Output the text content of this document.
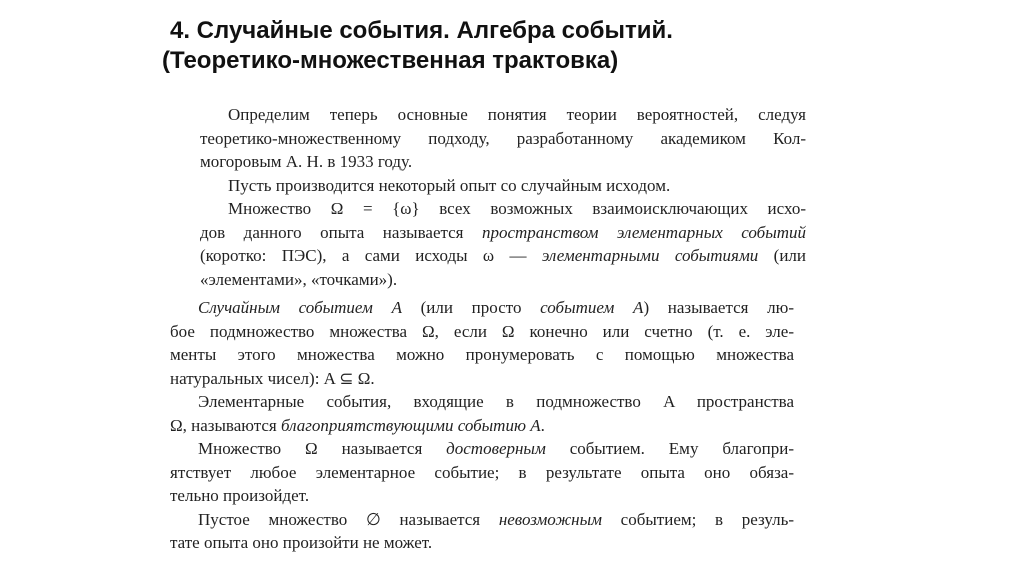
4. Случайные события. Алгебра событий.
(Теоретико-множественная трактовка)

Определим теперь основные понятия теории вероятностей, следуя
теоретико-множественному подходу, разработанному академиком Кол-
могоровым А. Н. в 1933 году.

Пусть производится некоторый опыт со случайным исходом.

Множество Ω = {ω} всех возможных взаимоисключающих исхо-
дов данного опыта называется пространством элементарных событий
(коротко: ПЭС), а сами исходы ω — элементарными событиями (или
«элементами», «точками»).

Случайным событием A (или просто событием A) называется лю-
бое подмножество множества Ω, если Ω конечно или счетно (т. е. эле-
менты этого множества можно пронумеровать с помощью множества
натуральных чисел): A ⊆ Ω.

Элементарные события, входящие в подмножество A пространства
Ω, называются благоприятствующими событию A.

Множество Ω называется достоверным событием. Ему благопри-
ятствует любое элементарное событие; в результате опыта оно обяза-
тельно произойдет.

Пустое множество ∅ называется невозможным событием; в резуль-
тате опыта оно произойти не может.
